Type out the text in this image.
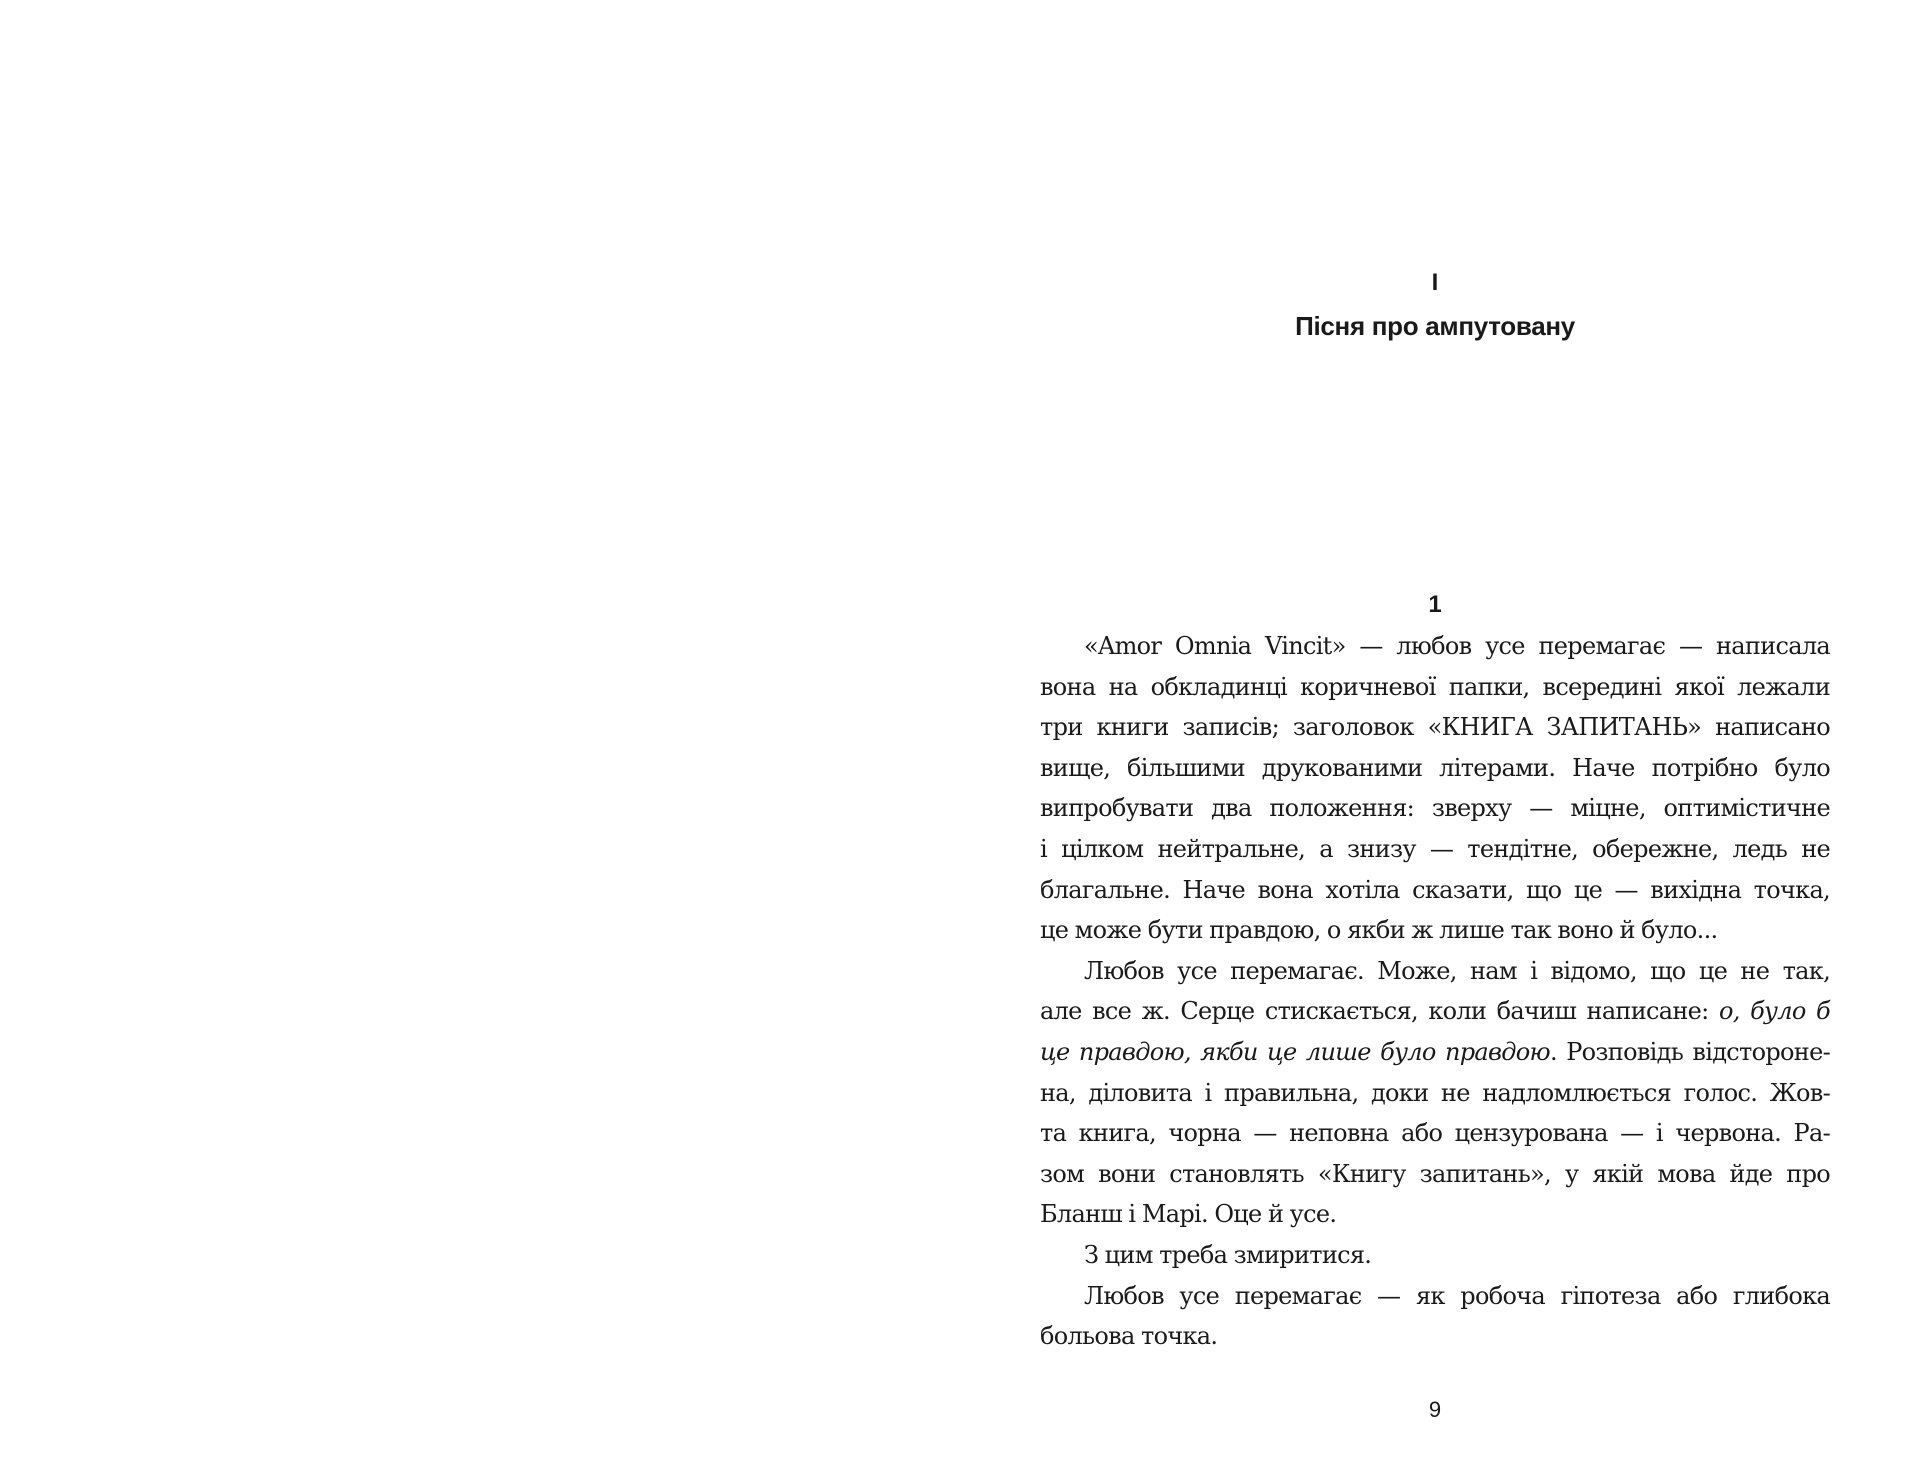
I
Пісня про ампутовану
1
«Amor Omnia Vincit» — любов усе перемагає — написала
вона на обкладинці коричневої папки, всередині якої лежали
три книги записів; заголовок «КНИГА ЗАПИТАНЬ» написано
вище, більшими друкованими літерами. Наче потрібно було
випробувати два положення: зверху — міцне, оптимістичне
і цілком нейтральне, а знизу — тендітне, обережне, ледь не
благальне. Наче вона хотіла сказати, що це — вихідна точка,
це може бути правдою, о якби ж лише так воно й було...
Любов усе перемагає. Може, нам і відомо, що це не так,
але все ж. Серце стискається, коли бачиш написане: о, було б
це правдою, якби це лише було правдою. Розповідь відсторонe-
на, діловита і правильна, доки не надломлюється голос. Жов-
та книга, чорна — неповна або цензурована — і червона. Ра-
зом вони становлять «Книгу запитань», у якій мова йде про
Бланш і Марі. Оце й усе.
З цим треба змиритися.
Любов усе перемагає — як робоча гіпотеза або глибока
больова точка.
9
